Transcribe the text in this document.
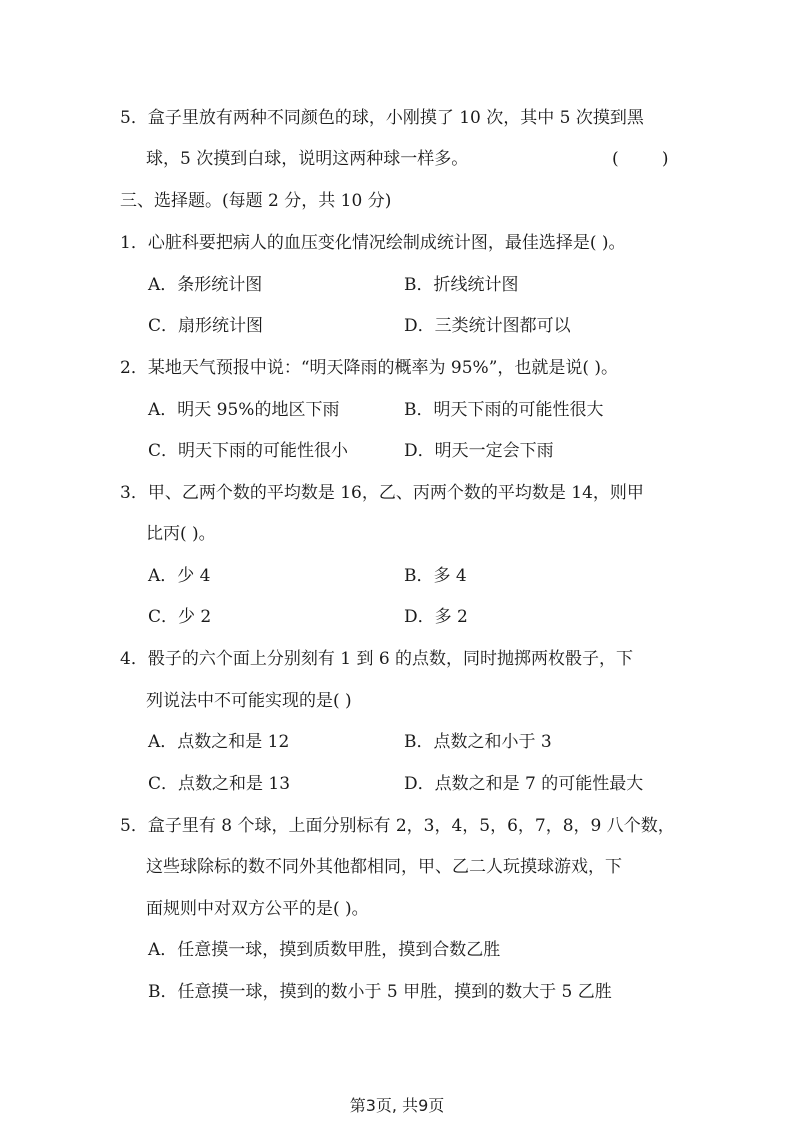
5．盒子里放有两种不同颜色的球，小刚摸了 10 次，其中 5 次摸到黑
球，5 次摸到白球，说明这两种球一样多。	(        )
三、选择题。(每题 2 分，共 10 分)
1．心脏科要把病人的血压变化情况绘制成统计图，最佳选择是( )。
A．条形统计图	B．折线统计图
C．扇形统计图	D．三类统计图都可以
2．某地天气预报中说：“明天降雨的概率为 95%”，也就是说( )。
A．明天 95%的地区下雨	B．明天下雨的可能性很大
C．明天下雨的可能性很小	D．明天一定会下雨
3．甲、乙两个数的平均数是 16，乙、丙两个数的平均数是 14，则甲
比丙( )。
A．少 4	B．多 4
C．少 2	D．多 2
4．骰子的六个面上分别刻有 1 到 6 的点数，同时抛掷两枚骰子，下
列说法中不可能实现的是( )
A．点数之和是 12	B．点数之和小于 3
C．点数之和是 13	D．点数之和是 7 的可能性最大
5．盒子里有 8 个球，上面分别标有 2，3，4，5，6，7，8，9 八个数，
这些球除标的数不同外其他都相同，甲、乙二人玩摸球游戏，下
面规则中对双方公平的是( )。
A．任意摸一球，摸到质数甲胜，摸到合数乙胜
B．任意摸一球，摸到的数小于 5 甲胜，摸到的数大于 5 乙胜
第3页, 共9页
